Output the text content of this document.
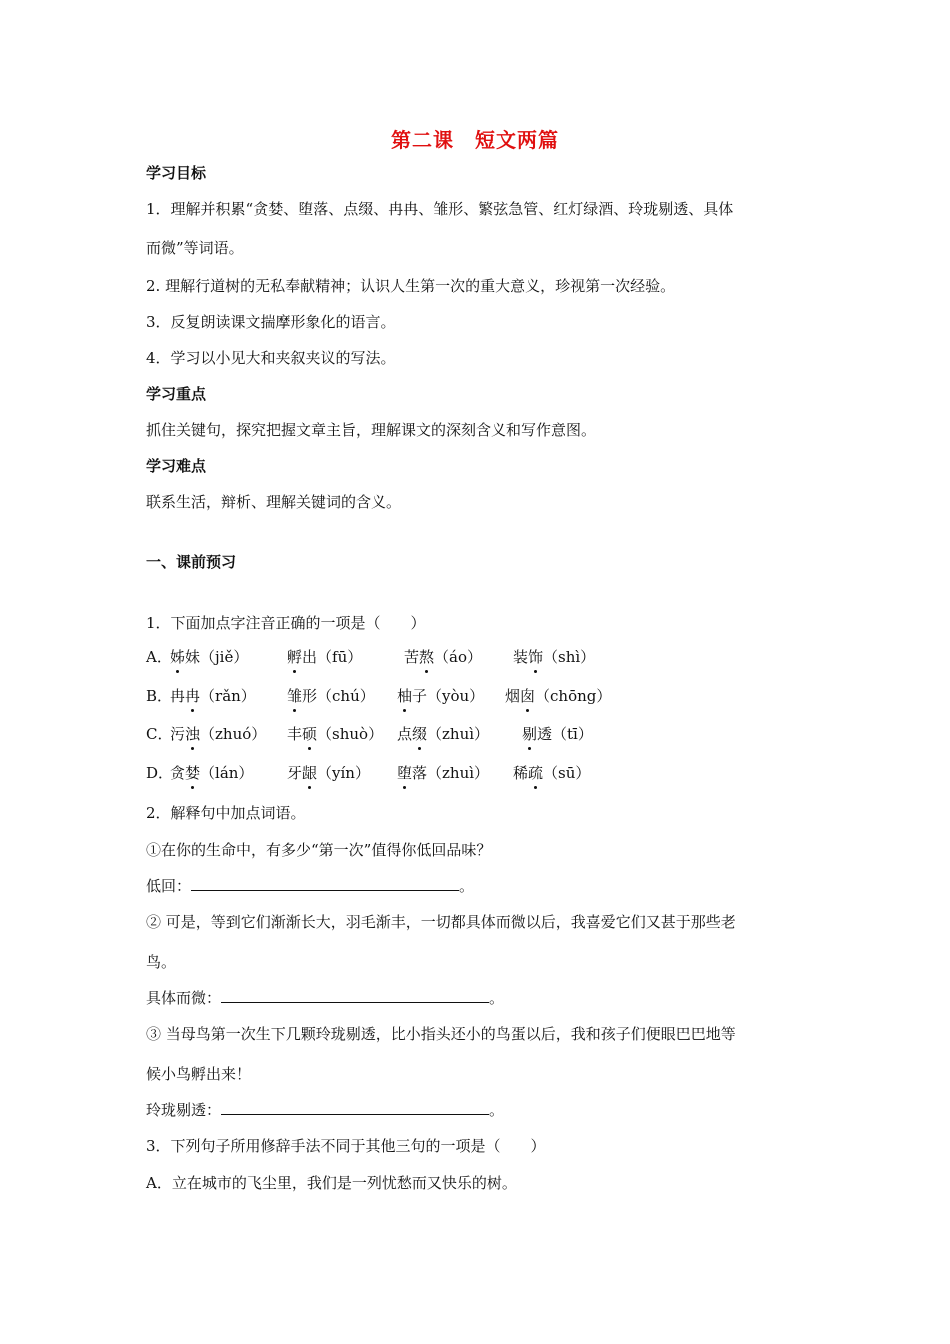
第二课　短文两篇
学习目标
1．理解并积累“贪婪、堕落、点缀、冉冉、雏形、繁弦急管、红灯绿酒、玲珑剔透、具体
而微”等词语。
2. 理解行道树的无私奉献精神；认识人生第一次的重大意义，珍视第一次经验。
3．反复朗读课文揣摩形象化的语言。
4．学习以小见大和夹叙夹议的写法。
学习重点
抓住关键句，探究把握文章主旨，理解课文的深刻含义和写作意图。
学习难点
联系生活，辩析、理解关键词的含义。
一、课前预习
1．下面加点字注音正确的一项是（　　）
A．
姊妹（jiě）	孵出（fū）	苦熬（áo） 装饰（shì）
B．
冉冉（rǎn） 雏形（chú） 柚子（yòu） 烟囱（chōng）
C．
污浊（zhuó） 丰硕（shuò） 点缀（zhuì） 剔透（tī）
D．
贪婪（lán） 牙龈（yín） 堕落（zhuì） 稀疏（sū）
2．解释句中加点词语。
①在你的生命中，有多少“第一次”值得你低回品味？
低回：	。
② 可是，等到它们渐渐长大，羽毛渐丰，一切都具体而微以后，我喜爱它们又甚于那些老
鸟。
具体而微：	。
③ 当母鸟第一次生下几颗玲珑剔透，比小指头还小的鸟蛋以后，我和孩子们便眼巴巴地等
候小鸟孵出来！
玲珑剔透：	。
3．下列句子所用修辞手法不同于其他三句的一项是（　　）
A．立在城市的飞尘里，我们是一列忧愁而又快乐的树。
